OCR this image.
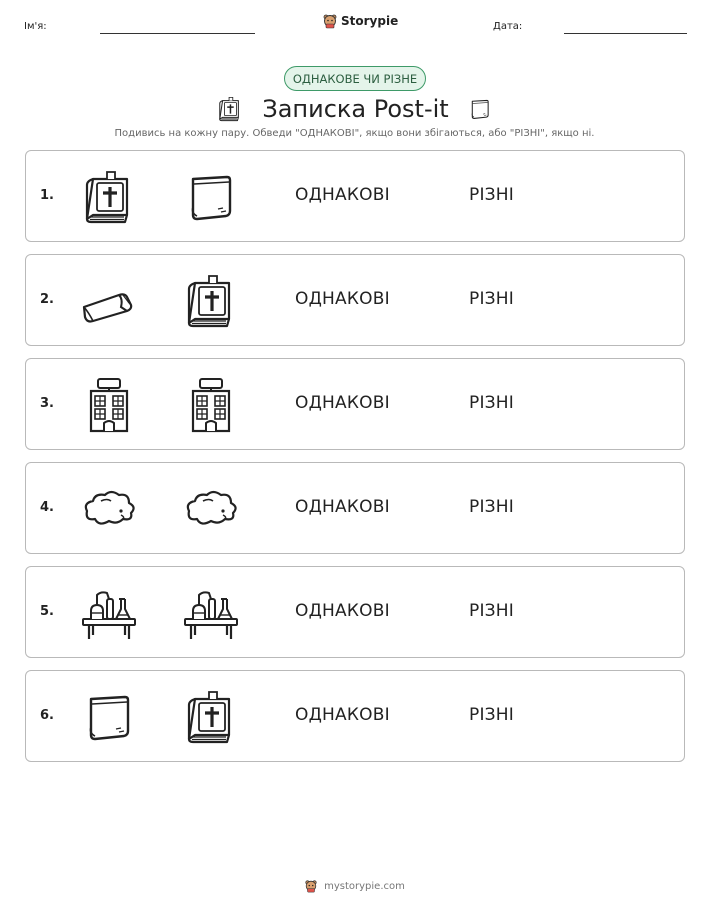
Ім'я:	Storypie	Дата:
ОДНАКОВЕ ЧИ РІЗНЕ
Записка Post-it
Подивись на кожну пару. Обведи "ОДНАКОВІ", якщо вони збігаються, або "РІЗНІ", якщо ні.
1.	ОДНАКОВІ	РІЗНІ
2.	ОДНАКОВІ	РІЗНІ
3.	ОДНАКОВІ	РІЗНІ
4.	ОДНАКОВІ	РІЗНІ
5.	ОДНАКОВІ	РІЗНІ
6.	ОДНАКОВІ	РІЗНІ
mystorypie.com
